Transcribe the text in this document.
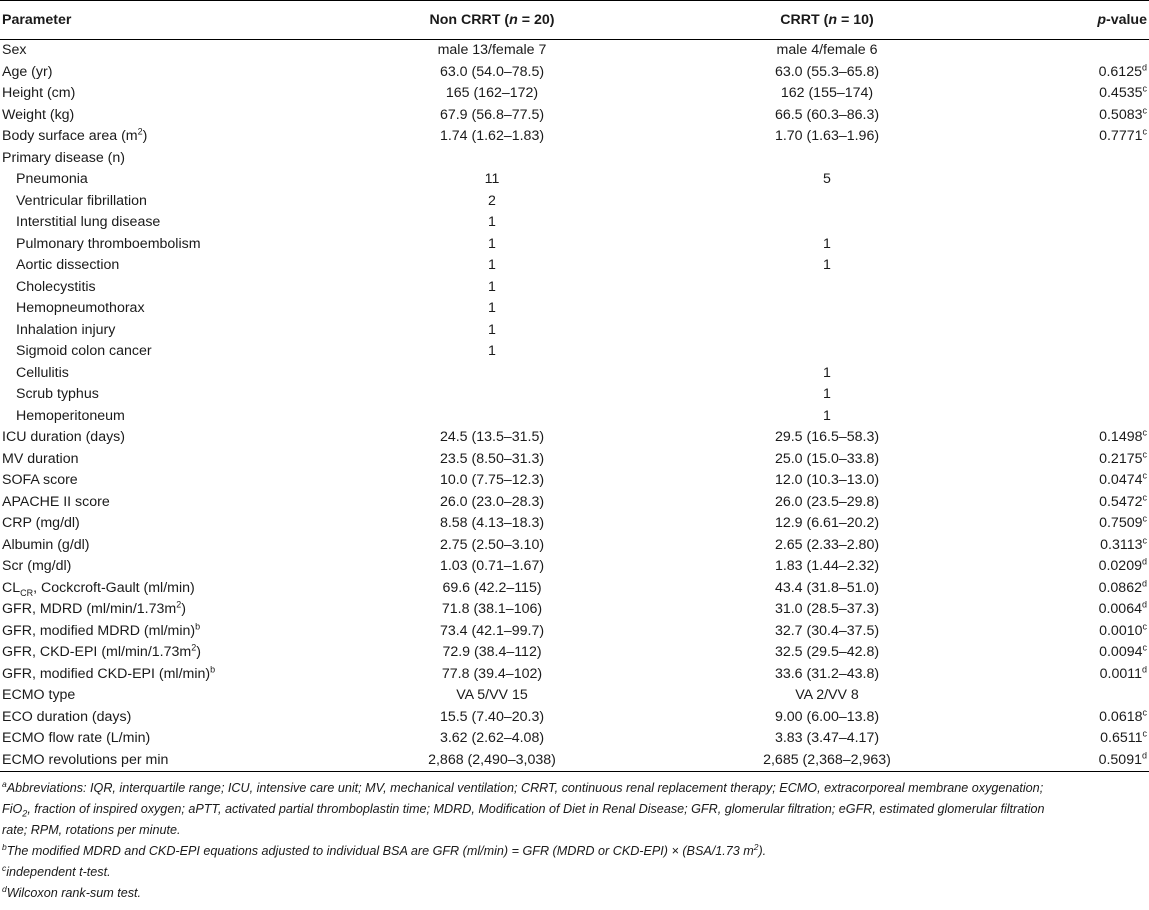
Parameter	Non CRRT (n = 20)	CRRT (n = 10)	p-value
Sex	male 13/female 7	male 4/female 6	
Age (yr)	63.0 (54.0–78.5)	63.0 (55.3–65.8)	0.6125$^d$
Height (cm)	165 (162–172)	162 (155–174)	0.4535$^c$
Weight (kg)	67.9 (56.8–77.5)	66.5 (60.3–86.3)	0.5083$^c$
Body surface area $(m^2)$	1.74 (1.62–1.83)	1.70 (1.63–1.96)	0.7771$^c$
Primary disease (n)			
Pneumonia	11	5	
Ventricular fibrillation	2		
Interstitial lung disease	1		
Pulmonary thromboembolism	1	1	
Aortic dissection	1	1	
Cholecystitis	1		
Hemopneumothorax	1		
Inhalation injury	1		
Sigmoid colon cancer	1		
Cellulitis		1	
Scrub typhus		1	
Hemoperitoneum		1	
ICU duration (days)	24.5 (13.5–31.5)	29.5 (16.5–58.3)	0.1498$^c$
MV duration	23.5 (8.50–31.3)	25.0 (15.0–33.8)	0.2175$^c$
SOFA score	10.0 (7.75–12.3)	12.0 (10.3–13.0)	0.0474$^c$
APACHE II score	26.0 (23.0–28.3)	26.0 (23.5–29.8)	0.5472$^c$
CRP (mg/dl)	8.58 (4.13–18.3)	12.9 (6.61–20.2)	0.7509$^c$
Albumin (g/dl)	2.75 (2.50–3.10)	2.65 (2.33–2.80)	0.3113$^c$
Scr (mg/dl)	1.03 (0.71–1.67)	1.83 (1.44–2.32)	0.0209$^d$
$CL_{CR}$, Cockcroft-Gault (ml/min)	69.6 (42.2–115)	43.4 (31.8–51.0)	0.0862$^d$
GFR, MDRD $(ml/\min/1.73m^2)$	71.8 (38.1–106)	31.0 (28.5–37.3)	0.0064$^d$
GFR, modified MDRD $(ml/\min)^b$	73.4 (42.1–99.7)	32.7 (30.4–37.5)	0.0010$^c$
GFR, CKD-EPI $(ml/\min/1.73m^2)$	72.9 (38.4–112)	32.5 (29.5–42.8)	0.0094$^c$
GFR, modified CKD-EPI $(ml/\min)^b$	77.8 (39.4–102)	33.6 (31.2–43.8)	0.0011$^d$
ECMO type	VA 5/VV 15	VA 2/VV 8	
ECO duration (days)	15.5 (7.40–20.3)	9.00 (6.00–13.8)	0.0618$^c$
ECMO flow rate (L/min)	3.62 (2.62–4.08)	3.83 (3.47–4.17)	0.6511$^c$
ECMO revolutions per min	2,868 (2,490–3,038)	2,685 (2,368–2,963)	0.5091$^d$

$^a$Abbreviations: IQR, interquartile range; ICU, intensive care unit; MV, mechanical ventilation; CRRT, continuous renal replacement therapy; ECMO, extracorporeal membrane oxygenation;
FiO$_2$, fraction of inspired oxygen; aPTT, activated partial thromboplastin time; MDRD, Modification of Diet in Renal Disease; GFR, glomerular filtration; eGFR, estimated glomerular filtration
rate; RPM, rotations per minute.

$^b$The modified MDRD and CKD-EPI equations adjusted to individual BSA are GFR (ml/min) = GFR (MDRD or CKD-EPI) × (BSA/1.73 $m^2$).

$^c$independent t-test.

$^d$Wilcoxon rank-sum test.
